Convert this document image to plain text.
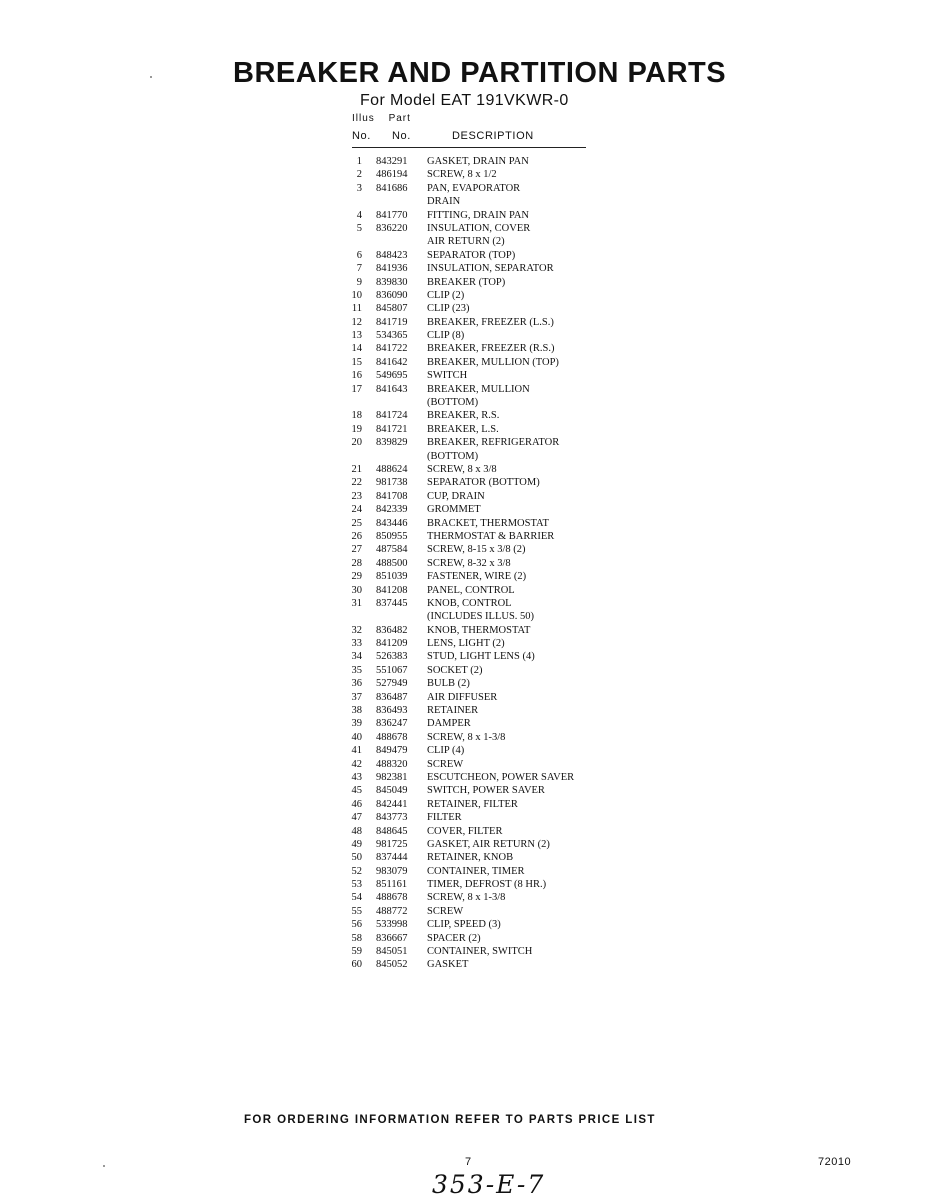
BREAKER AND PARTITION PARTS
For Model EAT 191VKWR-0
Illus Part
No. No.	DESCRIPTION
1 843291 GASKET, DRAIN PAN
2 486194 SCREW, 8 x 1/2
3 841686 PAN, EVAPORATOR
DRAIN
4 841770 FITTING, DRAIN PAN
5 836220 INSULATION, COVER
AIR RETURN (2)
6 848423 SEPARATOR (TOP)
7 841936 INSULATION, SEPARATOR
9 839830 BREAKER (TOP)
10 836090 CLIP (2)
11 845807 CLIP (23)
12 841719 BREAKER, FREEZER (L.S.)
13 534365 CLIP (8)
14 841722 BREAKER, FREEZER (R.S.)
15 841642 BREAKER, MULLION (TOP)
16 549695 SWITCH
17 841643 BREAKER, MULLION
(BOTTOM)
18 841724 BREAKER, R.S.
19 841721 BREAKER, L.S.
20 839829 BREAKER, REFRIGERATOR
(BOTTOM)
21 488624 SCREW, 8 x 3/8
22 981738 SEPARATOR (BOTTOM)
23 841708 CUP, DRAIN
24 842339 GROMMET
25 843446 BRACKET, THERMOSTAT
26 850955 THERMOSTAT & BARRIER
27 487584 SCREW, 8-15 x 3/8 (2)
28 488500 SCREW, 8-32 x 3/8
29 851039 FASTENER, WIRE (2)
30 841208 PANEL, CONTROL
31 837445 KNOB, CONTROL
(INCLUDES ILLUS. 50)
32 836482 KNOB, THERMOSTAT
33 841209 LENS, LIGHT (2)
34 526383 STUD, LIGHT LENS (4)
35 551067 SOCKET (2)
36 527949 BULB (2)
37 836487 AIR DIFFUSER
38 836493 RETAINER
39 836247 DAMPER
40 488678 SCREW, 8 x 1-3/8
41 849479 CLIP (4)
42 488320 SCREW
43 982381 ESCUTCHEON, POWER SAVER
45 845049 SWITCH, POWER SAVER
46 842441 RETAINER, FILTER
47 843773 FILTER
48 848645 COVER, FILTER
49 981725 GASKET, AIR RETURN (2)
50 837444 RETAINER, KNOB
52 983079 CONTAINER, TIMER
53 851161 TIMER, DEFROST (8 HR.)
54 488678 SCREW, 8 x 1-3/8
55 488772 SCREW
56 533998 CLIP, SPEED (3)
58 836667 SPACER (2)
59 845051 CONTAINER, SWITCH
60 845052 GASKET
FOR ORDERING INFORMATION REFER TO PARTS PRICE LIST
7	72010
353-E-7
